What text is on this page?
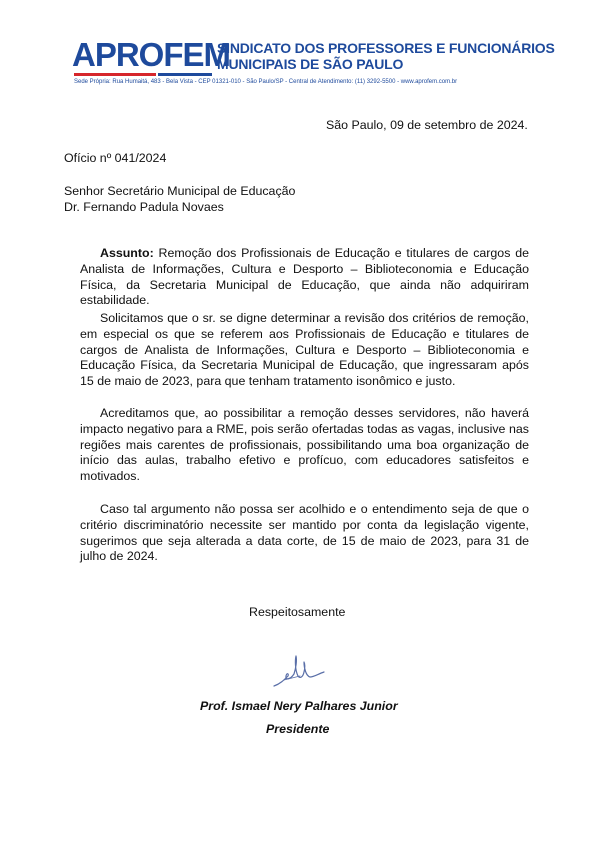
APROFEM
SINDICATO DOS PROFESSORES E FUNCIONÁRIOS
MUNICIPAIS DE SÃO PAULO
Sede Própria: Rua Humaitá, 483 - Bela Vista - CEP 01321-010 - São Paulo/SP - Central de Atendimento: (11) 3292-5500 - www.aprofem.com.br
São Paulo, 09 de setembro de 2024.
Ofício nº 041/2024
Senhor Secretário Municipal de Educação
Dr. Fernando Padula Novaes
Assunto: Remoção dos Profissionais de Educação e titulares de cargos de Analista de Informações, Cultura e Desporto – Biblioteconomia e Educação Física, da Secretaria Municipal de Educação, que ainda não adquiriram estabilidade.
Solicitamos que o sr. se digne determinar a revisão dos critérios de remoção, em especial os que se referem aos Profissionais de Educação e titulares de cargos de Analista de Informações, Cultura e Desporto – Biblioteconomia e Educação Física, da Secretaria Municipal de Educação, que ingressaram após 15 de maio de 2023, para que tenham tratamento isonômico e justo.
Acreditamos que, ao possibilitar a remoção desses servidores, não haverá impacto negativo para a RME, pois serão ofertadas todas as vagas, inclusive nas regiões mais carentes de profissionais, possibilitando uma boa organização de início das aulas, trabalho efetivo e profícuo, com educadores satisfeitos e motivados.
Caso tal argumento não possa ser acolhido e o entendimento seja de que o critério discriminatório necessite ser mantido por conta da legislação vigente, sugerimos que seja alterada a data corte, de 15 de maio de 2023, para 31 de julho de 2024.
Respeitosamente
Prof. Ismael Nery Palhares Junior
Presidente
